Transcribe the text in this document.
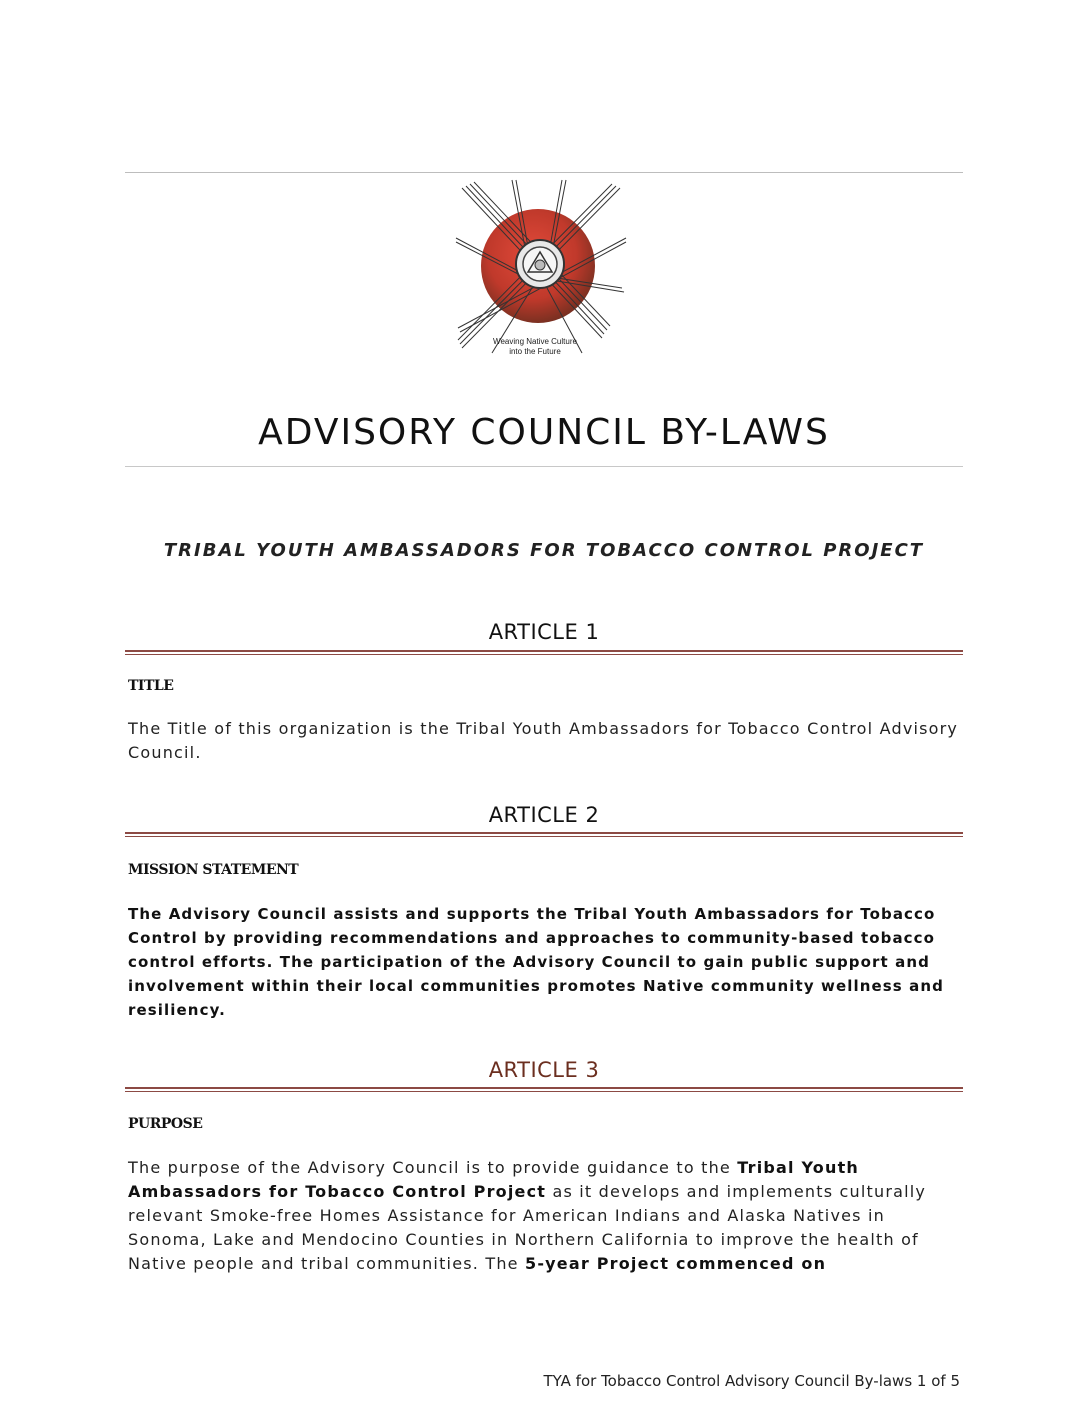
Weaving Native Culture
into the Future
ADVISORY COUNCIL BY-LAWS
TRIBAL YOUTH AMBASSADORS FOR TOBACCO CONTROL PROJECT
ARTICLE 1
TITLE

The Title of this organization is the Tribal Youth Ambassadors for Tobacco Control Advisory Council.

ARTICLE 2
MISSION STATEMENT

The Advisory Council assists and supports the Tribal Youth Ambassadors for Tobacco Control by providing recommendations and approaches to community-based tobacco control efforts. The participation of the Advisory Council to gain public support and involvement within their local communities promotes Native community wellness and resiliency.

ARTICLE 3
PURPOSE

The purpose of the Advisory Council is to provide guidance to the Tribal Youth Ambassadors for Tobacco Control Project as it develops and implements culturally relevant Smoke-free Homes Assistance for American Indians and Alaska Natives in Sonoma, Lake and Mendocino Counties in Northern California to improve the health of Native people and tribal communities. The 5-year Project commenced on

TYA for Tobacco Control Advisory Council By-laws 1 of 5
